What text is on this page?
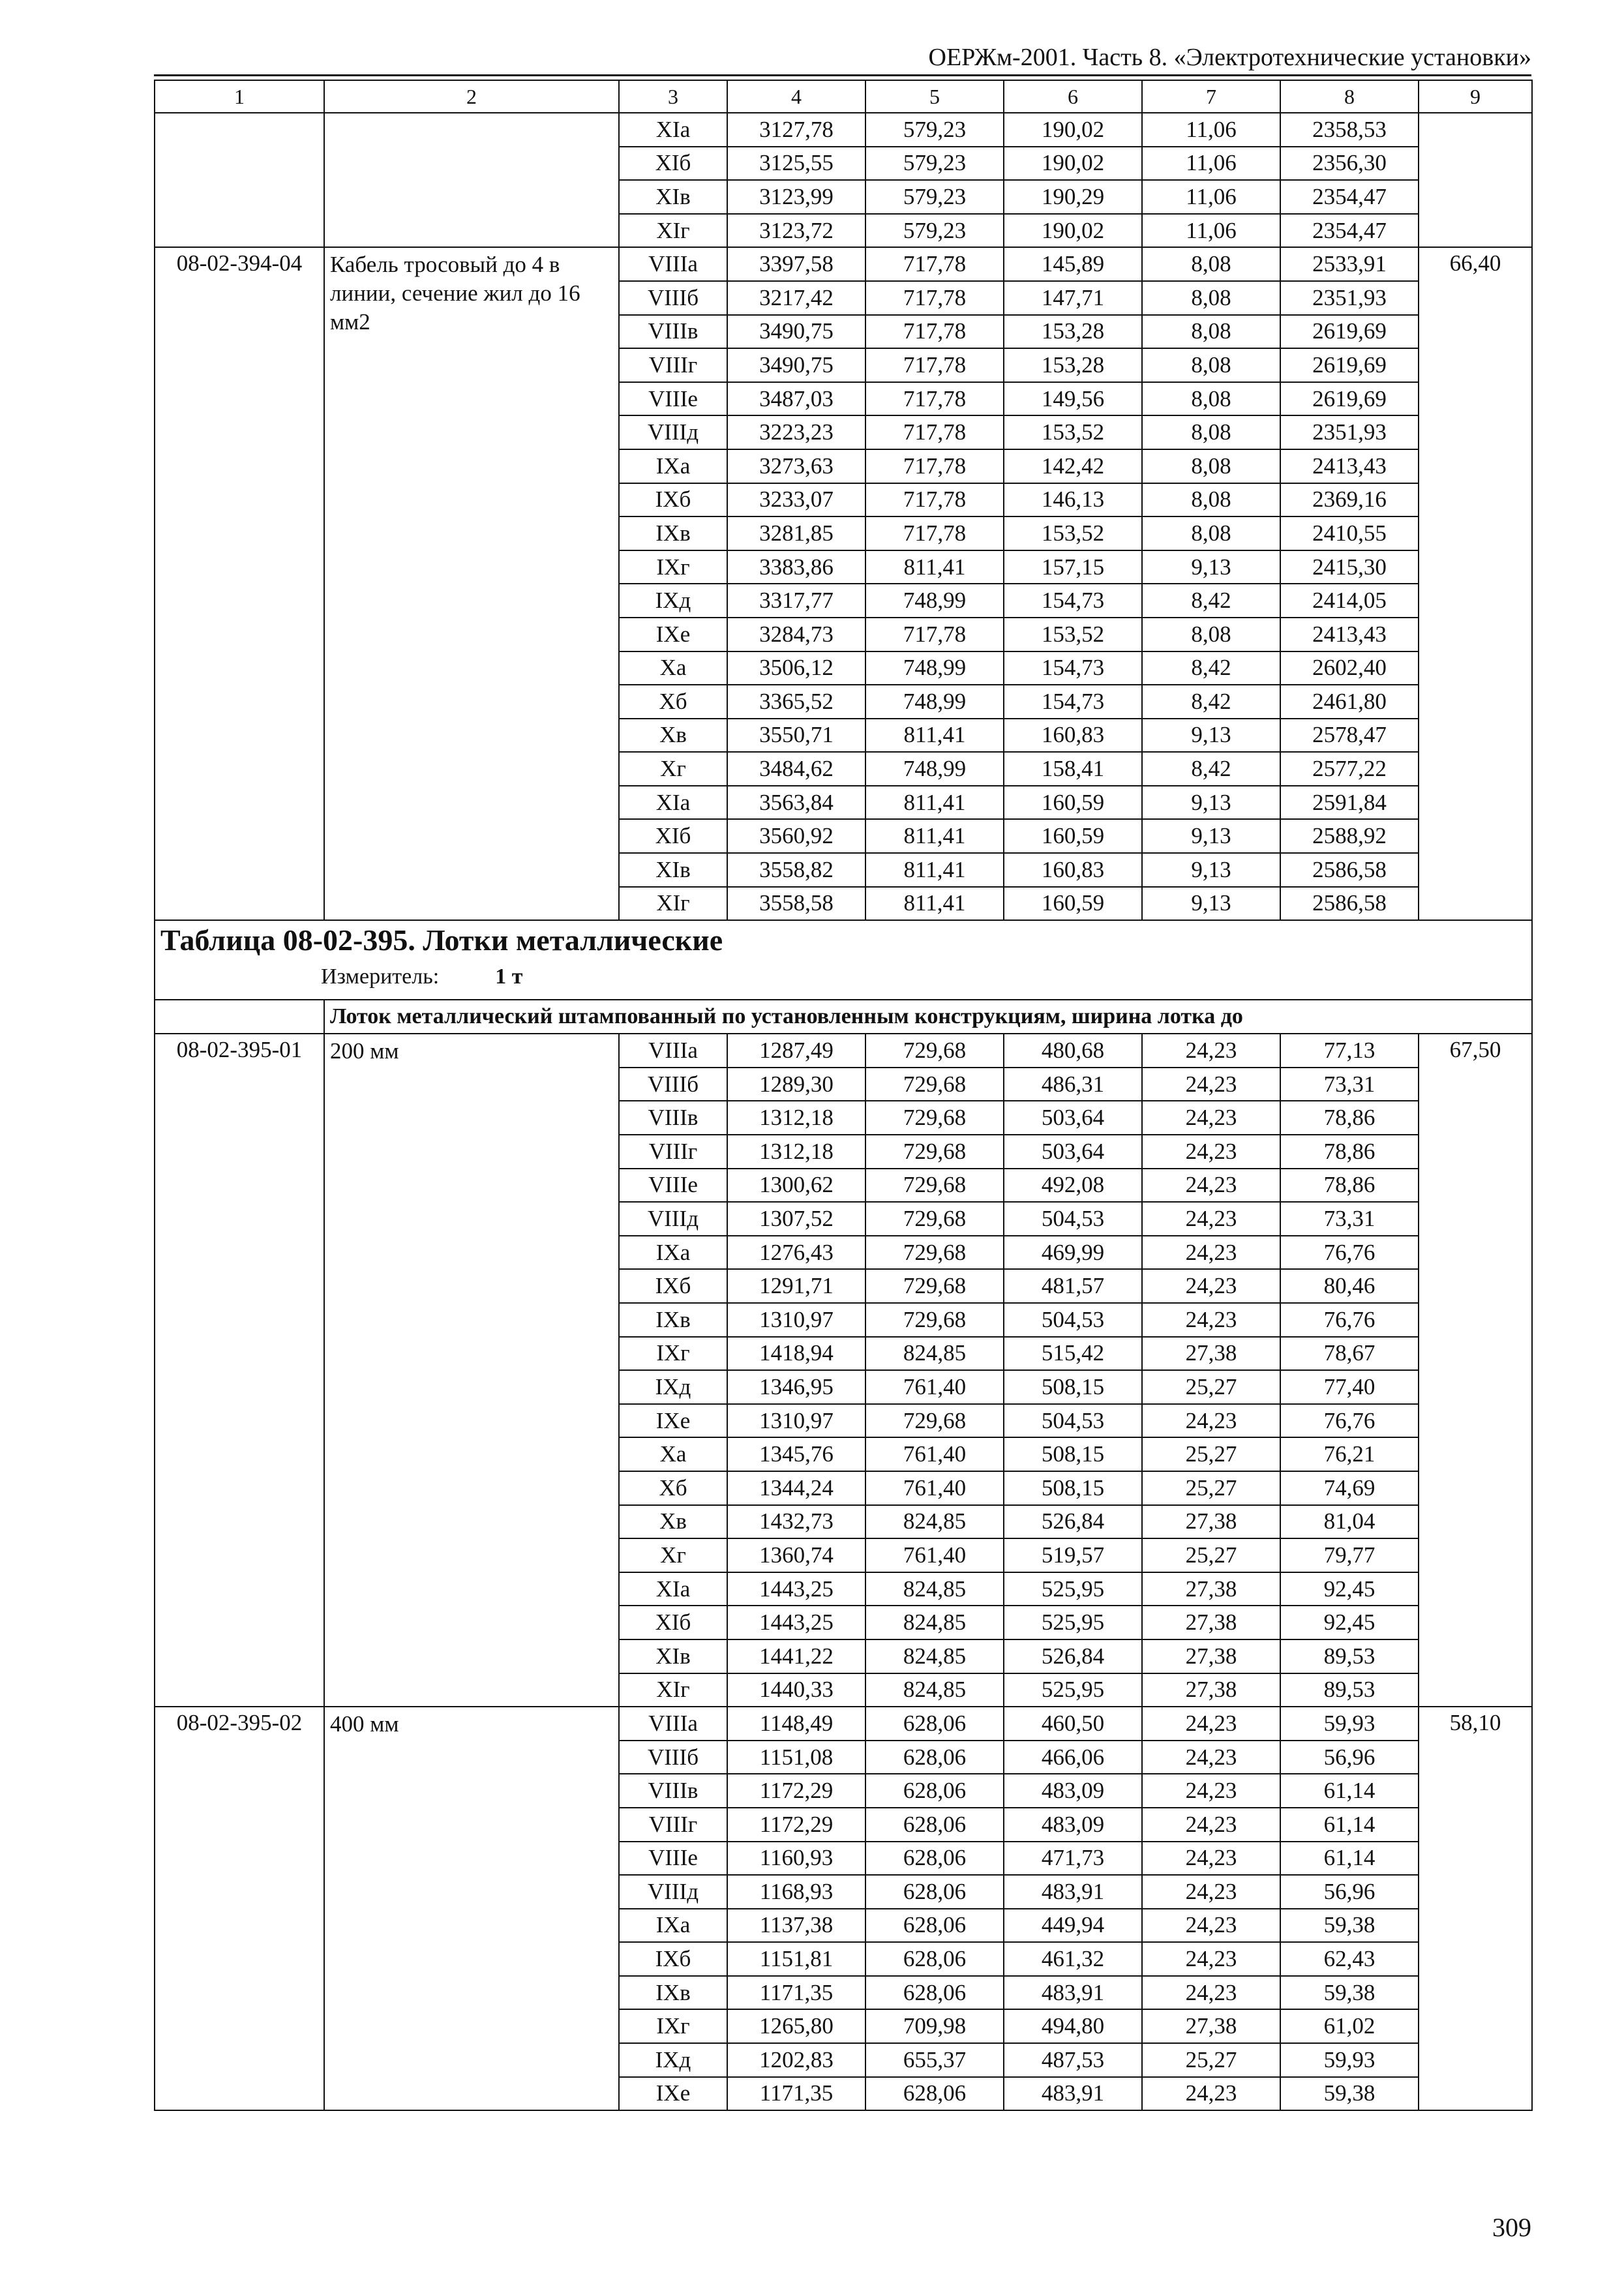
ОЕРЖм-2001. Часть 8. «Электротехнические установки»
1	2	3	4	5	6	7	8	9
		XIа	3127,78	579,23	190,02	11,06	2358,53	
		XIб	3125,55	579,23	190,02	11,06	2356,30	
		XIв	3123,99	579,23	190,29	11,06	2354,47	
		XIг	3123,72	579,23	190,02	11,06	2354,47	
08-02-394-04	Кабель тросовый до 4 в линии, сечение жил до 16 мм2	VIIIа	3397,58	717,78	145,89	8,08	2533,91	66,40
		VIIIб	3217,42	717,78	147,71	8,08	2351,93	
		VIIIв	3490,75	717,78	153,28	8,08	2619,69	
		VIIIг	3490,75	717,78	153,28	8,08	2619,69	
		VIIIе	3487,03	717,78	149,56	8,08	2619,69	
		VIIIд	3223,23	717,78	153,52	8,08	2351,93	
		IXа	3273,63	717,78	142,42	8,08	2413,43	
		IXб	3233,07	717,78	146,13	8,08	2369,16	
		IXв	3281,85	717,78	153,52	8,08	2410,55	
		IXг	3383,86	811,41	157,15	9,13	2415,30	
		IXд	3317,77	748,99	154,73	8,42	2414,05	
		IXе	3284,73	717,78	153,52	8,08	2413,43	
		Xа	3506,12	748,99	154,73	8,42	2602,40	
		Xб	3365,52	748,99	154,73	8,42	2461,80	
		Xв	3550,71	811,41	160,83	9,13	2578,47	
		Xг	3484,62	748,99	158,41	8,42	2577,22	
		XIа	3563,84	811,41	160,59	9,13	2591,84	
		XIб	3560,92	811,41	160,59	9,13	2588,92	
		XIв	3558,82	811,41	160,83	9,13	2586,58	
		XIг	3558,58	811,41	160,59	9,13	2586,58	

Таблица 08-02-395. Лотки металлические
Измеритель: 1 т								

	Лоток металлический штампованный по установленным конструкциям, ширина лотка до							
08-02-395-01	200 мм	VIIIа	1287,49	729,68	480,68	24,23	77,13	67,50
		VIIIб	1289,30	729,68	486,31	24,23	73,31	
		VIIIв	1312,18	729,68	503,64	24,23	78,86	
		VIIIг	1312,18	729,68	503,64	24,23	78,86	
		VIIIе	1300,62	729,68	492,08	24,23	78,86	
		VIIIд	1307,52	729,68	504,53	24,23	73,31	
		IXа	1276,43	729,68	469,99	24,23	76,76	
		IXб	1291,71	729,68	481,57	24,23	80,46	
		IXв	1310,97	729,68	504,53	24,23	76,76	
		IXг	1418,94	824,85	515,42	27,38	78,67	
		IXд	1346,95	761,40	508,15	25,27	77,40	
		IXе	1310,97	729,68	504,53	24,23	76,76	
		Xа	1345,76	761,40	508,15	25,27	76,21	
		Xб	1344,24	761,40	508,15	25,27	74,69	
		Xв	1432,73	824,85	526,84	27,38	81,04	
		Xг	1360,74	761,40	519,57	25,27	79,77	
		XIа	1443,25	824,85	525,95	27,38	92,45	
		XIб	1443,25	824,85	525,95	27,38	92,45	
		XIв	1441,22	824,85	526,84	27,38	89,53	
		XIг	1440,33	824,85	525,95	27,38	89,53	
08-02-395-02	400 мм	VIIIа	1148,49	628,06	460,50	24,23	59,93	58,10
		VIIIб	1151,08	628,06	466,06	24,23	56,96	
		VIIIв	1172,29	628,06	483,09	24,23	61,14	
		VIIIг	1172,29	628,06	483,09	24,23	61,14	
		VIIIе	1160,93	628,06	471,73	24,23	61,14	
		VIIIд	1168,93	628,06	483,91	24,23	56,96	
		IXа	1137,38	628,06	449,94	24,23	59,38	
		IXб	1151,81	628,06	461,32	24,23	62,43	
		IXв	1171,35	628,06	483,91	24,23	59,38	
		IXг	1265,80	709,98	494,80	27,38	61,02	
		IXд	1202,83	655,37	487,53	25,27	59,93	
		IXе	1171,35	628,06	483,91	24,23	59,38	
309
